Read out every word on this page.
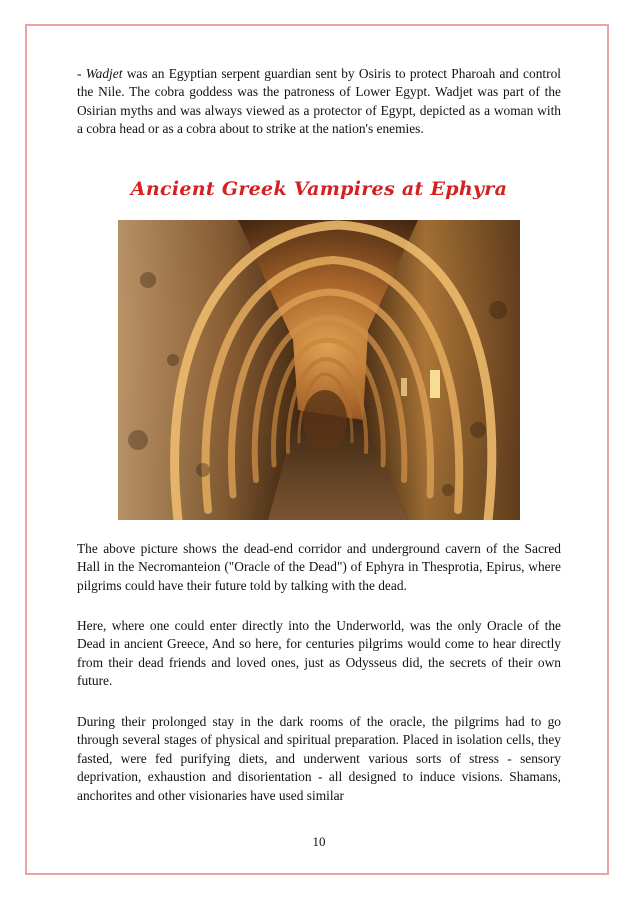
- Wadjet was an Egyptian serpent guardian sent by Osiris to protect Pharoah and control the Nile. The cobra goddess was the patroness of Lower Egypt. Wadjet was part of the Osirian myths and was always viewed as a protector of Egypt, depicted as a woman with a cobra head or as a cobra about to strike at the nation's enemies.

Ancient Greek Vampires at Ephyra

The above picture shows the dead-end corridor and underground cavern of the Sacred Hall in the Necromanteion ("Oracle of the Dead") of Ephyra in Thesprotia, Epirus, where pilgrims could have their future told by talking with the dead.

Here, where one could enter directly into the Underworld, was the only Oracle of the Dead in ancient Greece, And so here, for centuries pilgrims would come to hear directly from their dead friends and loved ones, just as Odysseus did, the secrets of their own future.

During their prolonged stay in the dark rooms of the oracle, the pilgrims had to go through several stages of physical and spiritual preparation. Placed in isolation cells, they fasted, were fed purifying diets, and underwent various sorts of stress - sensory deprivation, exhaustion and disorientation - all designed to induce visions. Shamans, anchorites and other visionaries have used similar

10
